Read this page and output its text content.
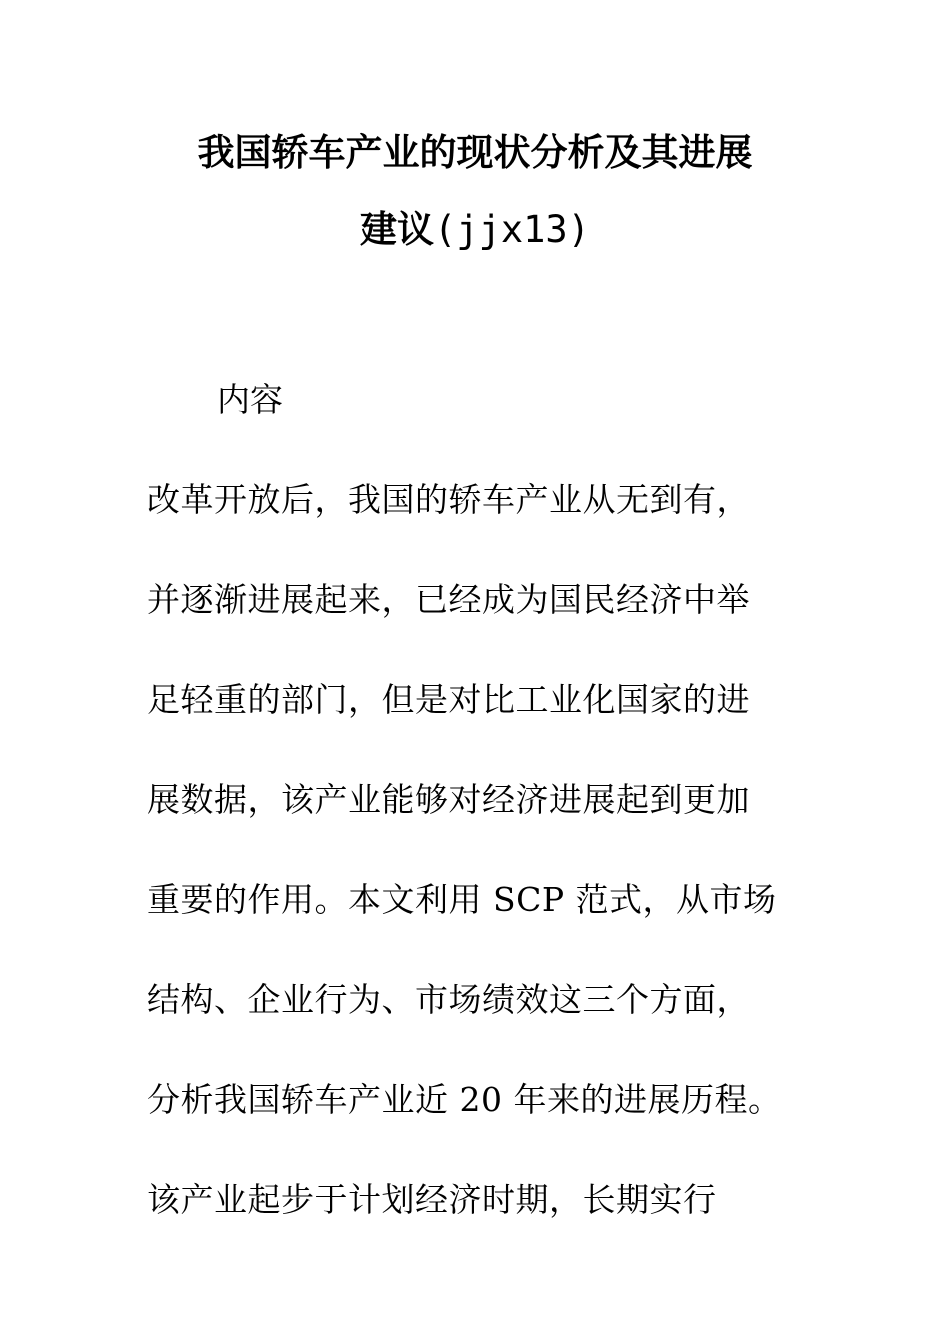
我国轿车产业的现状分析及其进展
建议(jjx13)
内容
改革开放后，我国的轿车产业从无到有，
并逐渐进展起来，已经成为国民经济中举
足轻重的部门，但是对比工业化国家的进
展数据，该产业能够对经济进展起到更加
重要的作用。本文利用 SCP 范式，从市场
结构、企业行为、市场绩效这三个方面，
分析我国轿车产业近 20 年来的进展历程。
该产业起步于计划经济时期，长期实行
